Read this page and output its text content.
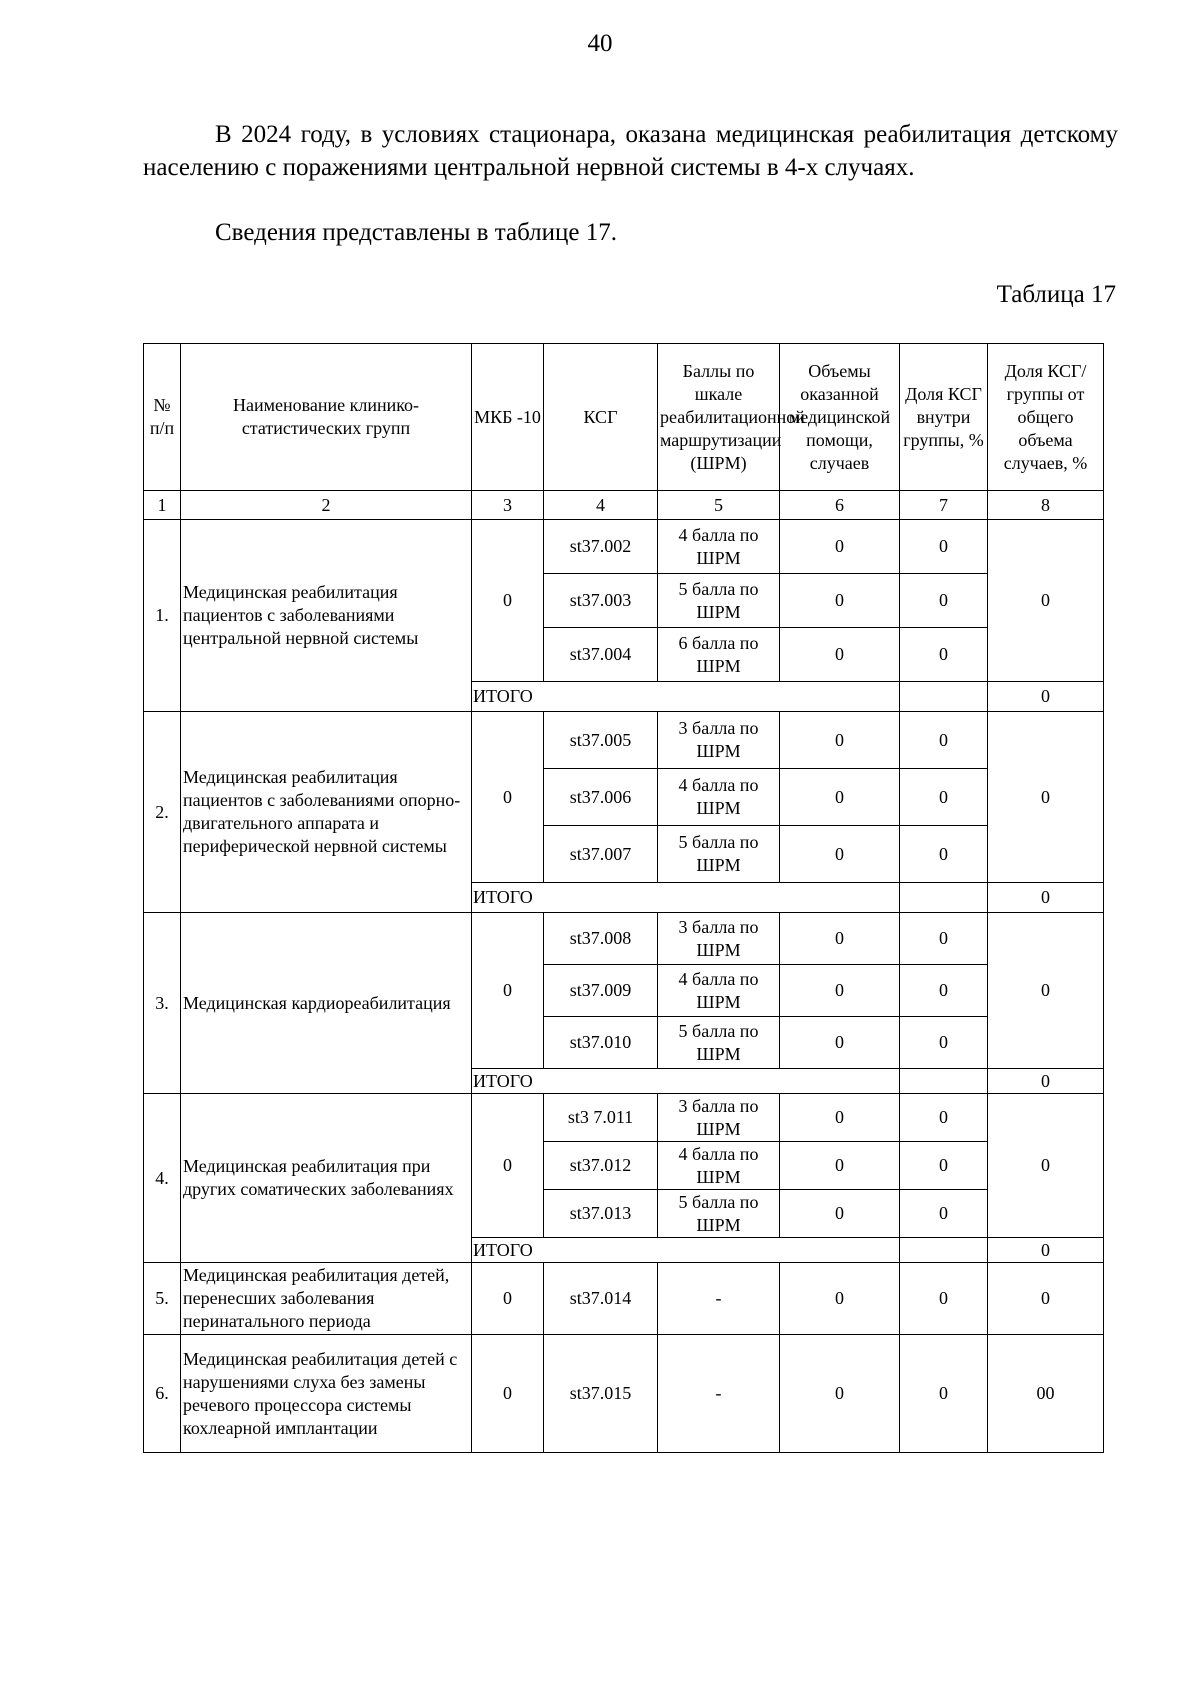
40
В 2024 году, в условиях стационара, оказана медицинская реабилитация детскому населению с поражениями центральной нервной системы в 4-х случаях.
Сведения представлены в таблице 17.
Таблица 17
№ п/п	Наименование клинико-статистических групп	МКБ -10	КСГ	Баллы по шкале реабилитационной маршрутизации (ШРМ)	Объемы оказанной медицинской помощи, случаев	Доля КСГ внутри группы, %	Доля КСГ/группы от общего объема случаев, %	
1	2	3	4	5	6	7	8	
1.	Медицинская реабилитация пациентов с заболеваниями центральной нервной системы	0	st37.002	4 балла по ШРМ	0	0	0	
			st37.003	5 балла по ШРМ	0	0		
			st37.004	6 балла по ШРМ	0	0		
		ИТОГО					0	
2.	Медицинская реабилитация пациентов с заболеваниями опорно-двигательного аппарата и периферической нервной системы	0	st37.005	3 балла по ШРМ	0	0	0	
			st37.006	4 балла по ШРМ	0	0		
			st37.007	5 балла по ШРМ	0	0		
		ИТОГО					0	
3.	Медицинская кардиореабилитация	0	st37.008	3 балла по ШРМ	0	0	0	
			st37.009	4 балла по ШРМ	0	0		
			st37.010	5 балла по ШРМ	0	0		
		ИТОГО					0	
4.	Медицинская реабилитация при других соматических заболеваниях	0	st3 7.011	3 балла по ШРМ	0	0	0	
			st37.012	4 балла по ШРМ	0	0		
			st37.013	5 балла по ШРМ	0	0		
		ИТОГО					0	
5.	Медицинская реабилитация детей, перенесших заболевания перинатального периода	0	st37.014	-	0	0	0	
6.	Медицинская реабилитация детей с нарушениями слуха без замены речевого процессора системы кохлеарной имплантации	0	st37.015	-	0	0	00	
